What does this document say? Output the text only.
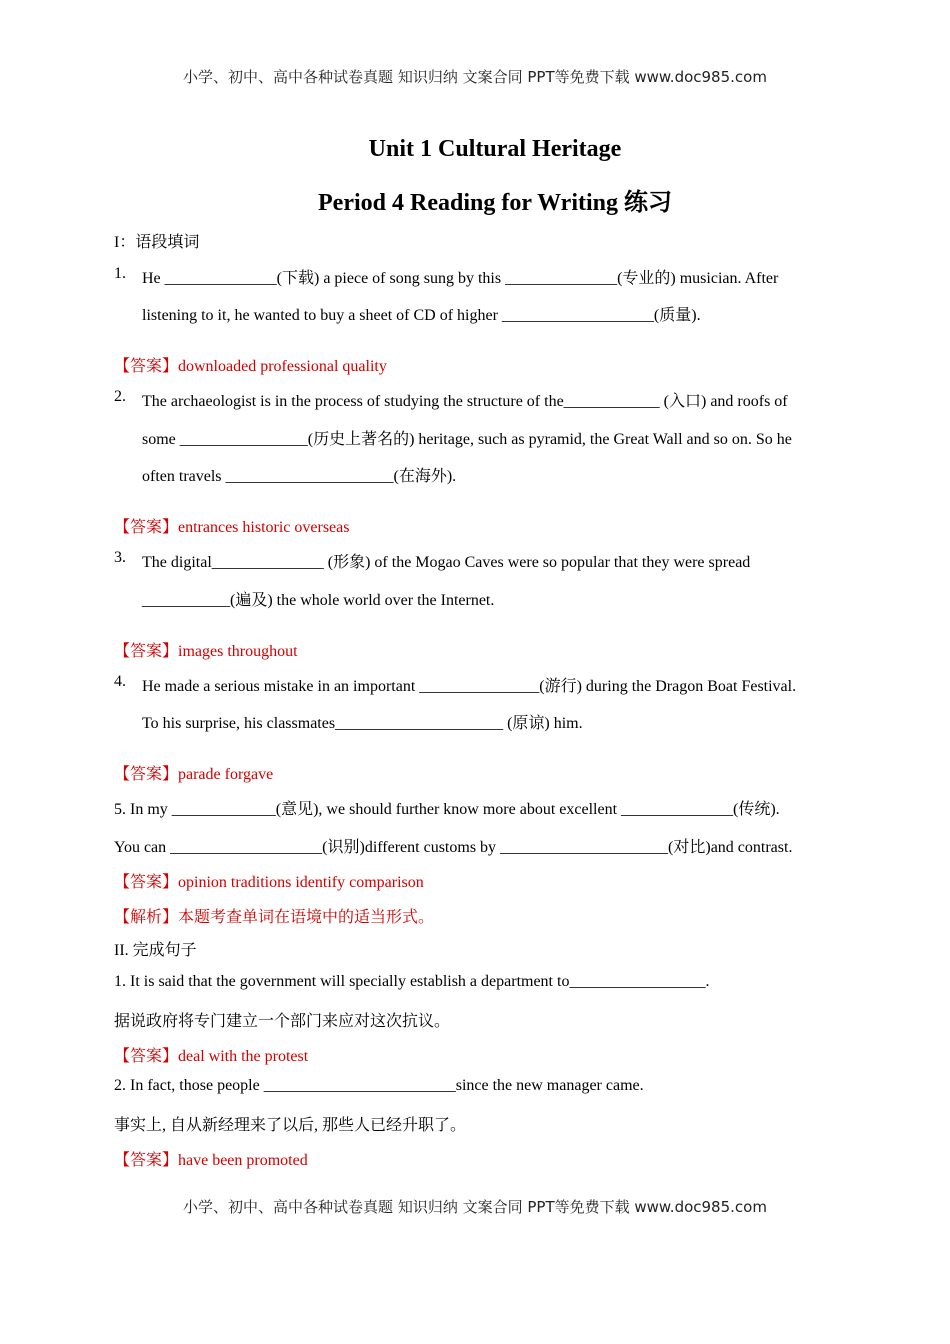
小学、初中、高中各种试卷真题 知识归纳 文案合同 PPT等免费下载 www.doc985.com
Unit 1 Cultural Heritage
Period 4 Reading for Writing 练习
I：语段填词
1. He ______________(下载) a piece of song sung by this ______________(专业的) musician. After
listening to it, he wanted to buy a sheet of CD of higher ___________________(质量).
【答案】downloaded professional quality
2. The archaeologist is in the process of studying the structure of the____________ (入口) and roofs of
some ________________(历史上著名的) heritage, such as pyramid, the Great Wall and so on. So he
often travels _____________________(在海外).
【答案】entrances historic overseas
3. The digital______________ (形象) of the Mogao Caves were so popular that they were spread
___________(遍及) the whole world over the Internet.
【答案】images throughout
4. He made a serious mistake in an important _______________(游行) during the Dragon Boat Festival.
To his surprise, his classmates_____________________ (原谅) him.
【答案】parade forgave
5. In my _____________(意见), we should further know more about excellent ______________(传统).
You can ___________________(识别)different customs by _____________________(对比)and contrast.
【答案】opinion traditions identify comparison
【解析】本题考查单词在语境中的适当形式。
II. 完成句子
1. It is said that the government will specially establish a department to_________________.
据说政府将专门建立一个部门来应对这次抗议。
【答案】deal with the protest
2. In fact, those people ________________________since the new manager came.
事实上, 自从新经理来了以后, 那些人已经升职了。
【答案】have been promoted
小学、初中、高中各种试卷真题 知识归纳 文案合同 PPT等免费下载 www.doc985.com
